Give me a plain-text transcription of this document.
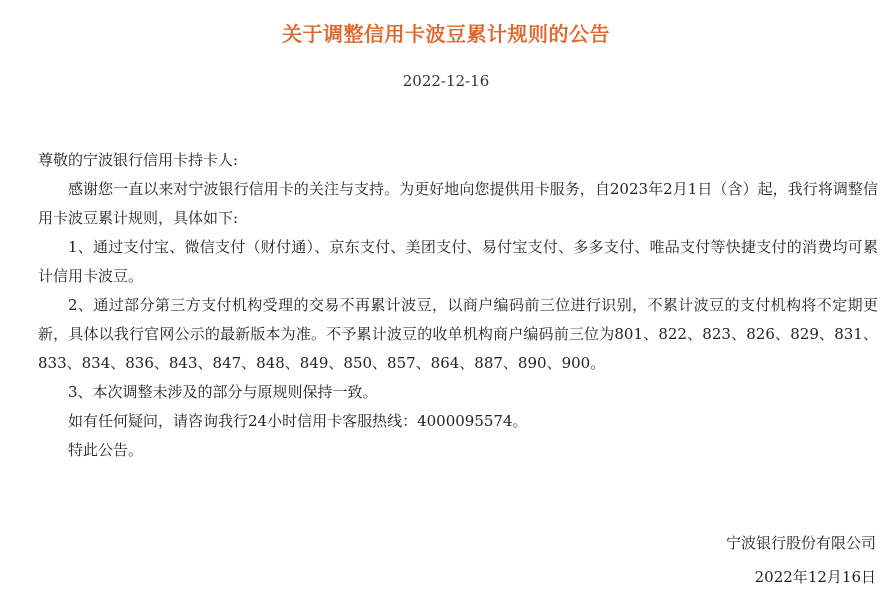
关于调整信用卡波豆累计规则的公告
2022-12-16

尊敬的宁波银行信用卡持卡人:

感谢您一直以来对宁波银行信用卡的关注与支持。为更好地向您提供用卡服务，自2023年2月1日（含）起，我行将调整信用卡波豆累计规则，具体如下:

1、通过支付宝、微信支付（财付通）、京东支付、美团支付、易付宝支付、多多支付、唯品支付等快捷支付的消费均可累计信用卡波豆。

2、通过部分第三方支付机构受理的交易不再累计波豆，以商户编码前三位进行识别，不累计波豆的支付机构将不定期更新，具体以我行官网公示的最新版本为准。不予累计波豆的收单机构商户编码前三位为801、822、823、826、829、831、833、834、836、843、847、848、849、850、857、864、887、890、900。

3、本次调整未涉及的部分与原规则保持一致。

如有任何疑问，请咨询我行24小时信用卡客服热线：4000095574。

特此公告。

宁波银行股份有限公司
2022年12月16日
